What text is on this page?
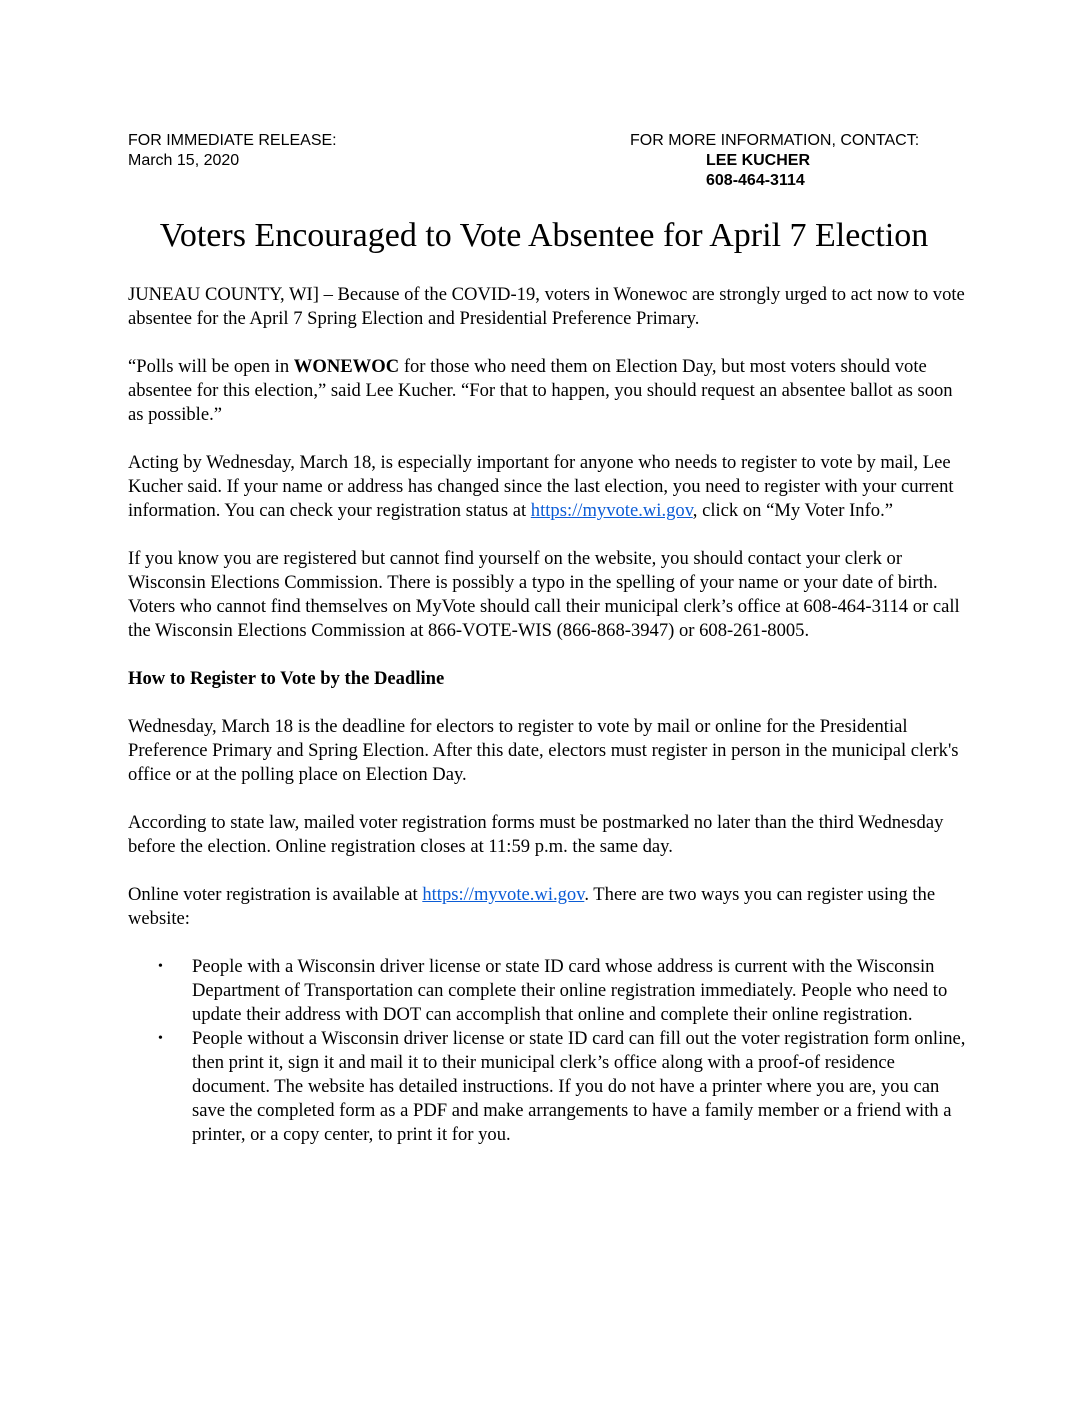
FOR IMMEDIATE RELEASE:
March 15, 2020
FOR MORE INFORMATION, CONTACT:
LEE KUCHER
608-464-3114
Voters Encouraged to Vote Absentee for April 7 Election

JUNEAU COUNTY, WI] – Because of the COVID-19, voters in Wonewoc are strongly urged to act now to vote absentee for the April 7 Spring Election and Presidential Preference Primary.

“Polls will be open in WONEWOC for those who need them on Election Day, but most voters should vote absentee for this election,” said Lee Kucher. “For that to happen, you should request an absentee ballot as soon as possible.”

Acting by Wednesday, March 18, is especially important for anyone who needs to register to vote by mail, Lee Kucher said. If your name or address has changed since the last election, you need to register with your current information. You can check your registration status at https://myvote.wi.gov, click on “My Voter Info.”

If you know you are registered but cannot find yourself on the website, you should contact your clerk or Wisconsin Elections Commission. There is possibly a typo in the spelling of your name or your date of birth. Voters who cannot find themselves on MyVote should call their municipal clerk’s office at 608-464-3114 or call the Wisconsin Elections Commission at 866-VOTE-WIS (866-868-3947) or 608-261-8005.

How to Register to Vote by the Deadline

Wednesday, March 18 is the deadline for electors to register to vote by mail or online for the Presidential Preference Primary and Spring Election. After this date, electors must register in person in the municipal clerk's office or at the polling place on Election Day.

According to state law, mailed voter registration forms must be postmarked no later than the third Wednesday before the election. Online registration closes at 11:59 p.m. the same day.

Online voter registration is available at https://myvote.wi.gov. There are two ways you can register using the website:

• People with a Wisconsin driver license or state ID card whose address is current with the Wisconsin Department of Transportation can complete their online registration immediately. People who need to update their address with DOT can accomplish that online and complete their online registration.
• People without a Wisconsin driver license or state ID card can fill out the voter registration form online, then print it, sign it and mail it to their municipal clerk’s office along with a proof-of residence document. The website has detailed instructions. If you do not have a printer where you are, you can save the completed form as a PDF and make arrangements to have a family member or a friend with a printer, or a copy center, to print it for you.
